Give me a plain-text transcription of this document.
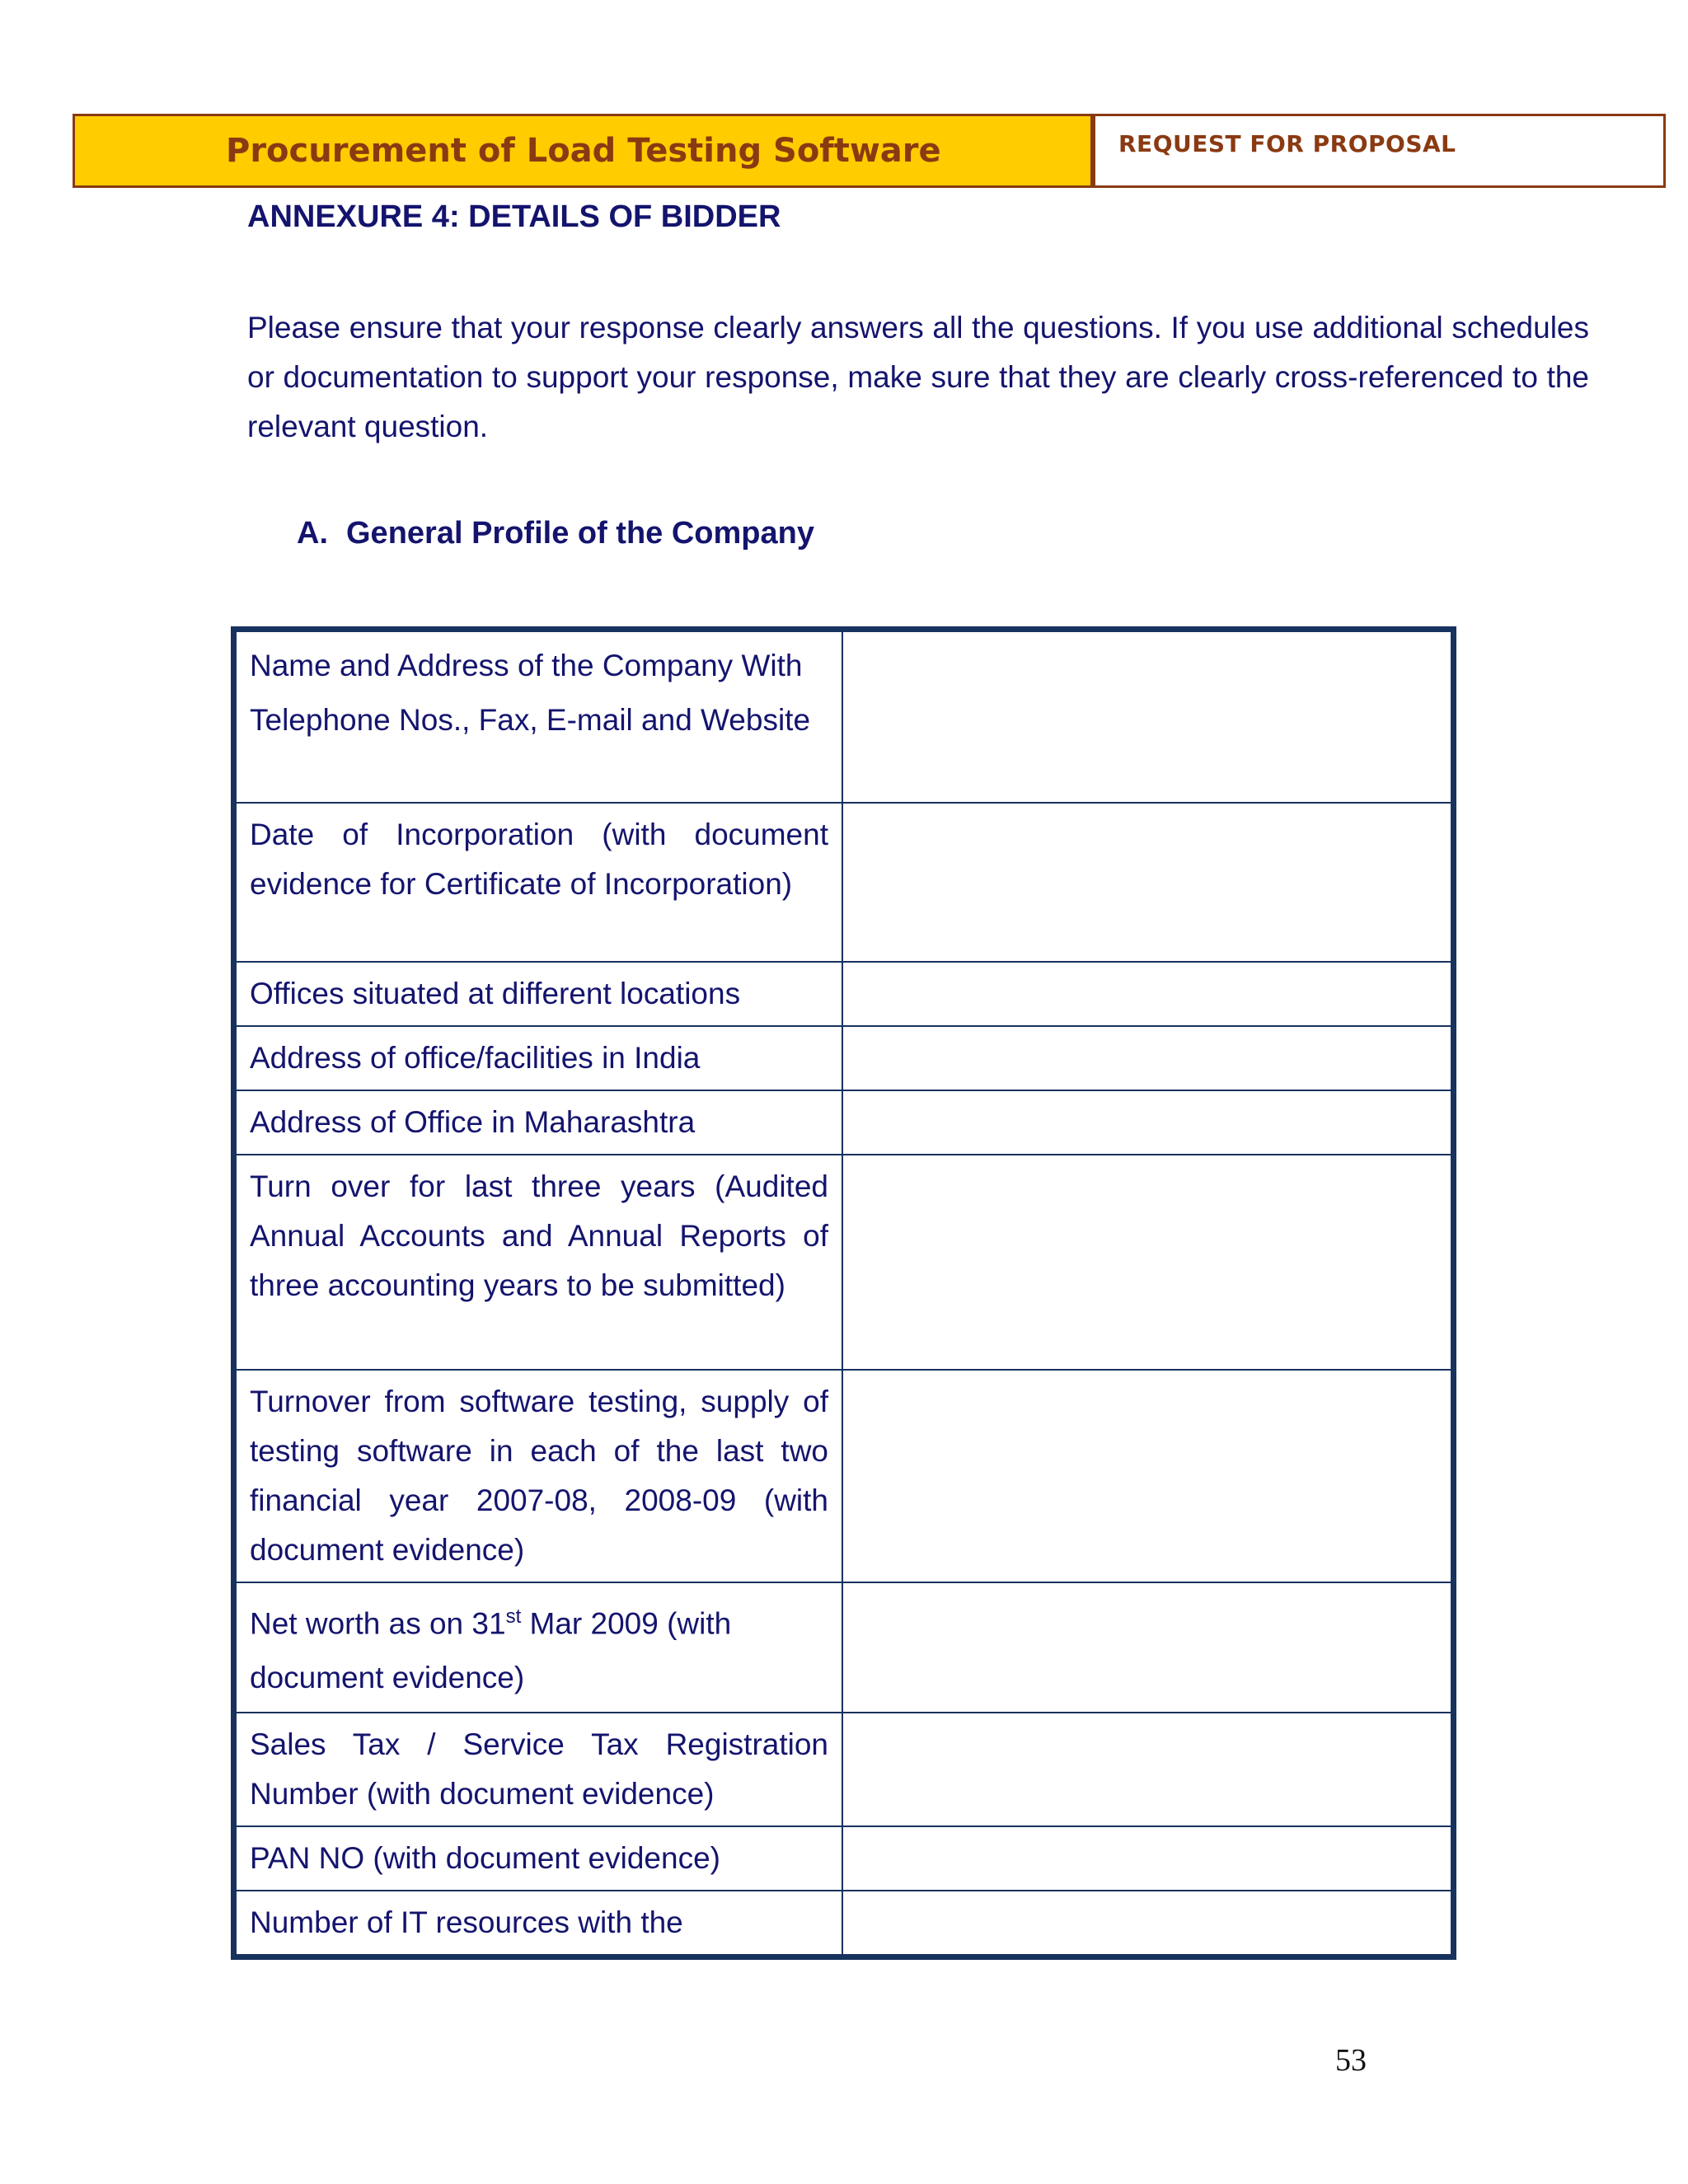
Procurement of Load Testing Software	REQUEST FOR PROPOSAL
ANNEXURE 4: DETAILS OF BIDDER
Please ensure that your response clearly answers all the questions. If you use additional schedules or documentation to support your response, make sure that they are clearly cross-referenced to the relevant question.
A. General Profile of the Company
Name and Address of the Company With Telephone Nos., Fax, E-mail and Website	
Date of Incorporation (with document evidence for Certificate of Incorporation)	
Offices situated at different locations	
Address of office/facilities in India	
Address of Office in Maharashtra	
Turn over for last three years (Audited Annual Accounts and Annual Reports of three accounting years to be submitted)	
Turnover from software testing, supply of testing software in each of the last two financial year 2007-08, 2008-09 (with document evidence)	
Net worth as on 31st Mar 2009 (with document evidence)	
Sales Tax / Service Tax Registration Number (with document evidence)	
PAN NO (with document evidence)	
Number of IT resources with the	
53
